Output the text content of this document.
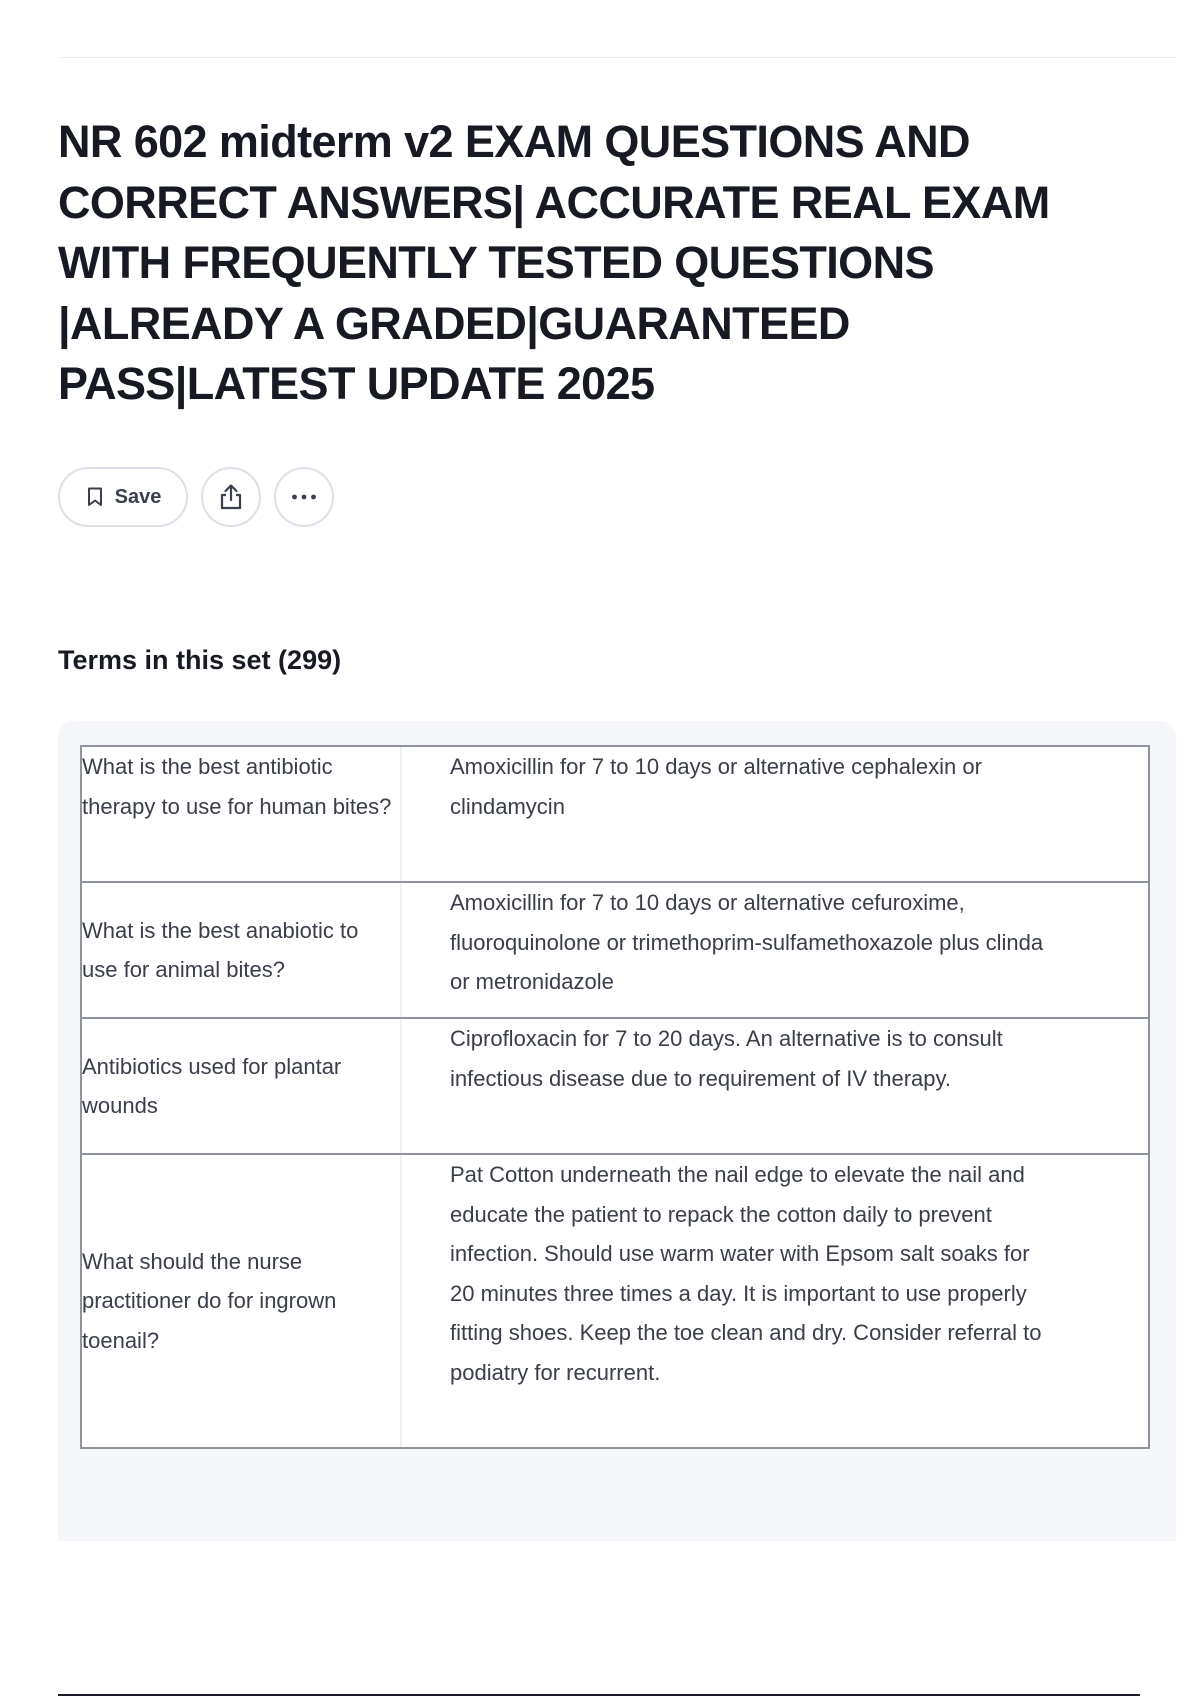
NR 602 midterm v2 EXAM QUESTIONS AND CORRECT ANSWERS| ACCURATE REAL EXAM WITH FREQUENTLY TESTED QUESTIONS |ALREADY A GRADED|GUARANTEED PASS|LATEST UPDATE 2025
Save
Terms in this set (299)
What is the best antibiotic therapy to use for human bites?
Amoxicillin for 7 to 10 days or alternative cephalexin or clindamycin
What is the best anabiotic to use for animal bites?
Amoxicillin for 7 to 10 days or alternative cefuroxime, fluoroquinolone or trimethoprim-sulfamethoxazole plus clinda or metronidazole
Antibiotics used for plantar wounds
Ciprofloxacin for 7 to 20 days. An alternative is to consult infectious disease due to requirement of IV therapy.
What should the nurse practitioner do for ingrown toenail?
Pat Cotton underneath the nail edge to elevate the nail and educate the patient to repack the cotton daily to prevent infection. Should use warm water with Epsom salt soaks for 20 minutes three times a day. It is important to use properly fitting shoes. Keep the toe clean and dry. Consider referral to podiatry for recurrent.
